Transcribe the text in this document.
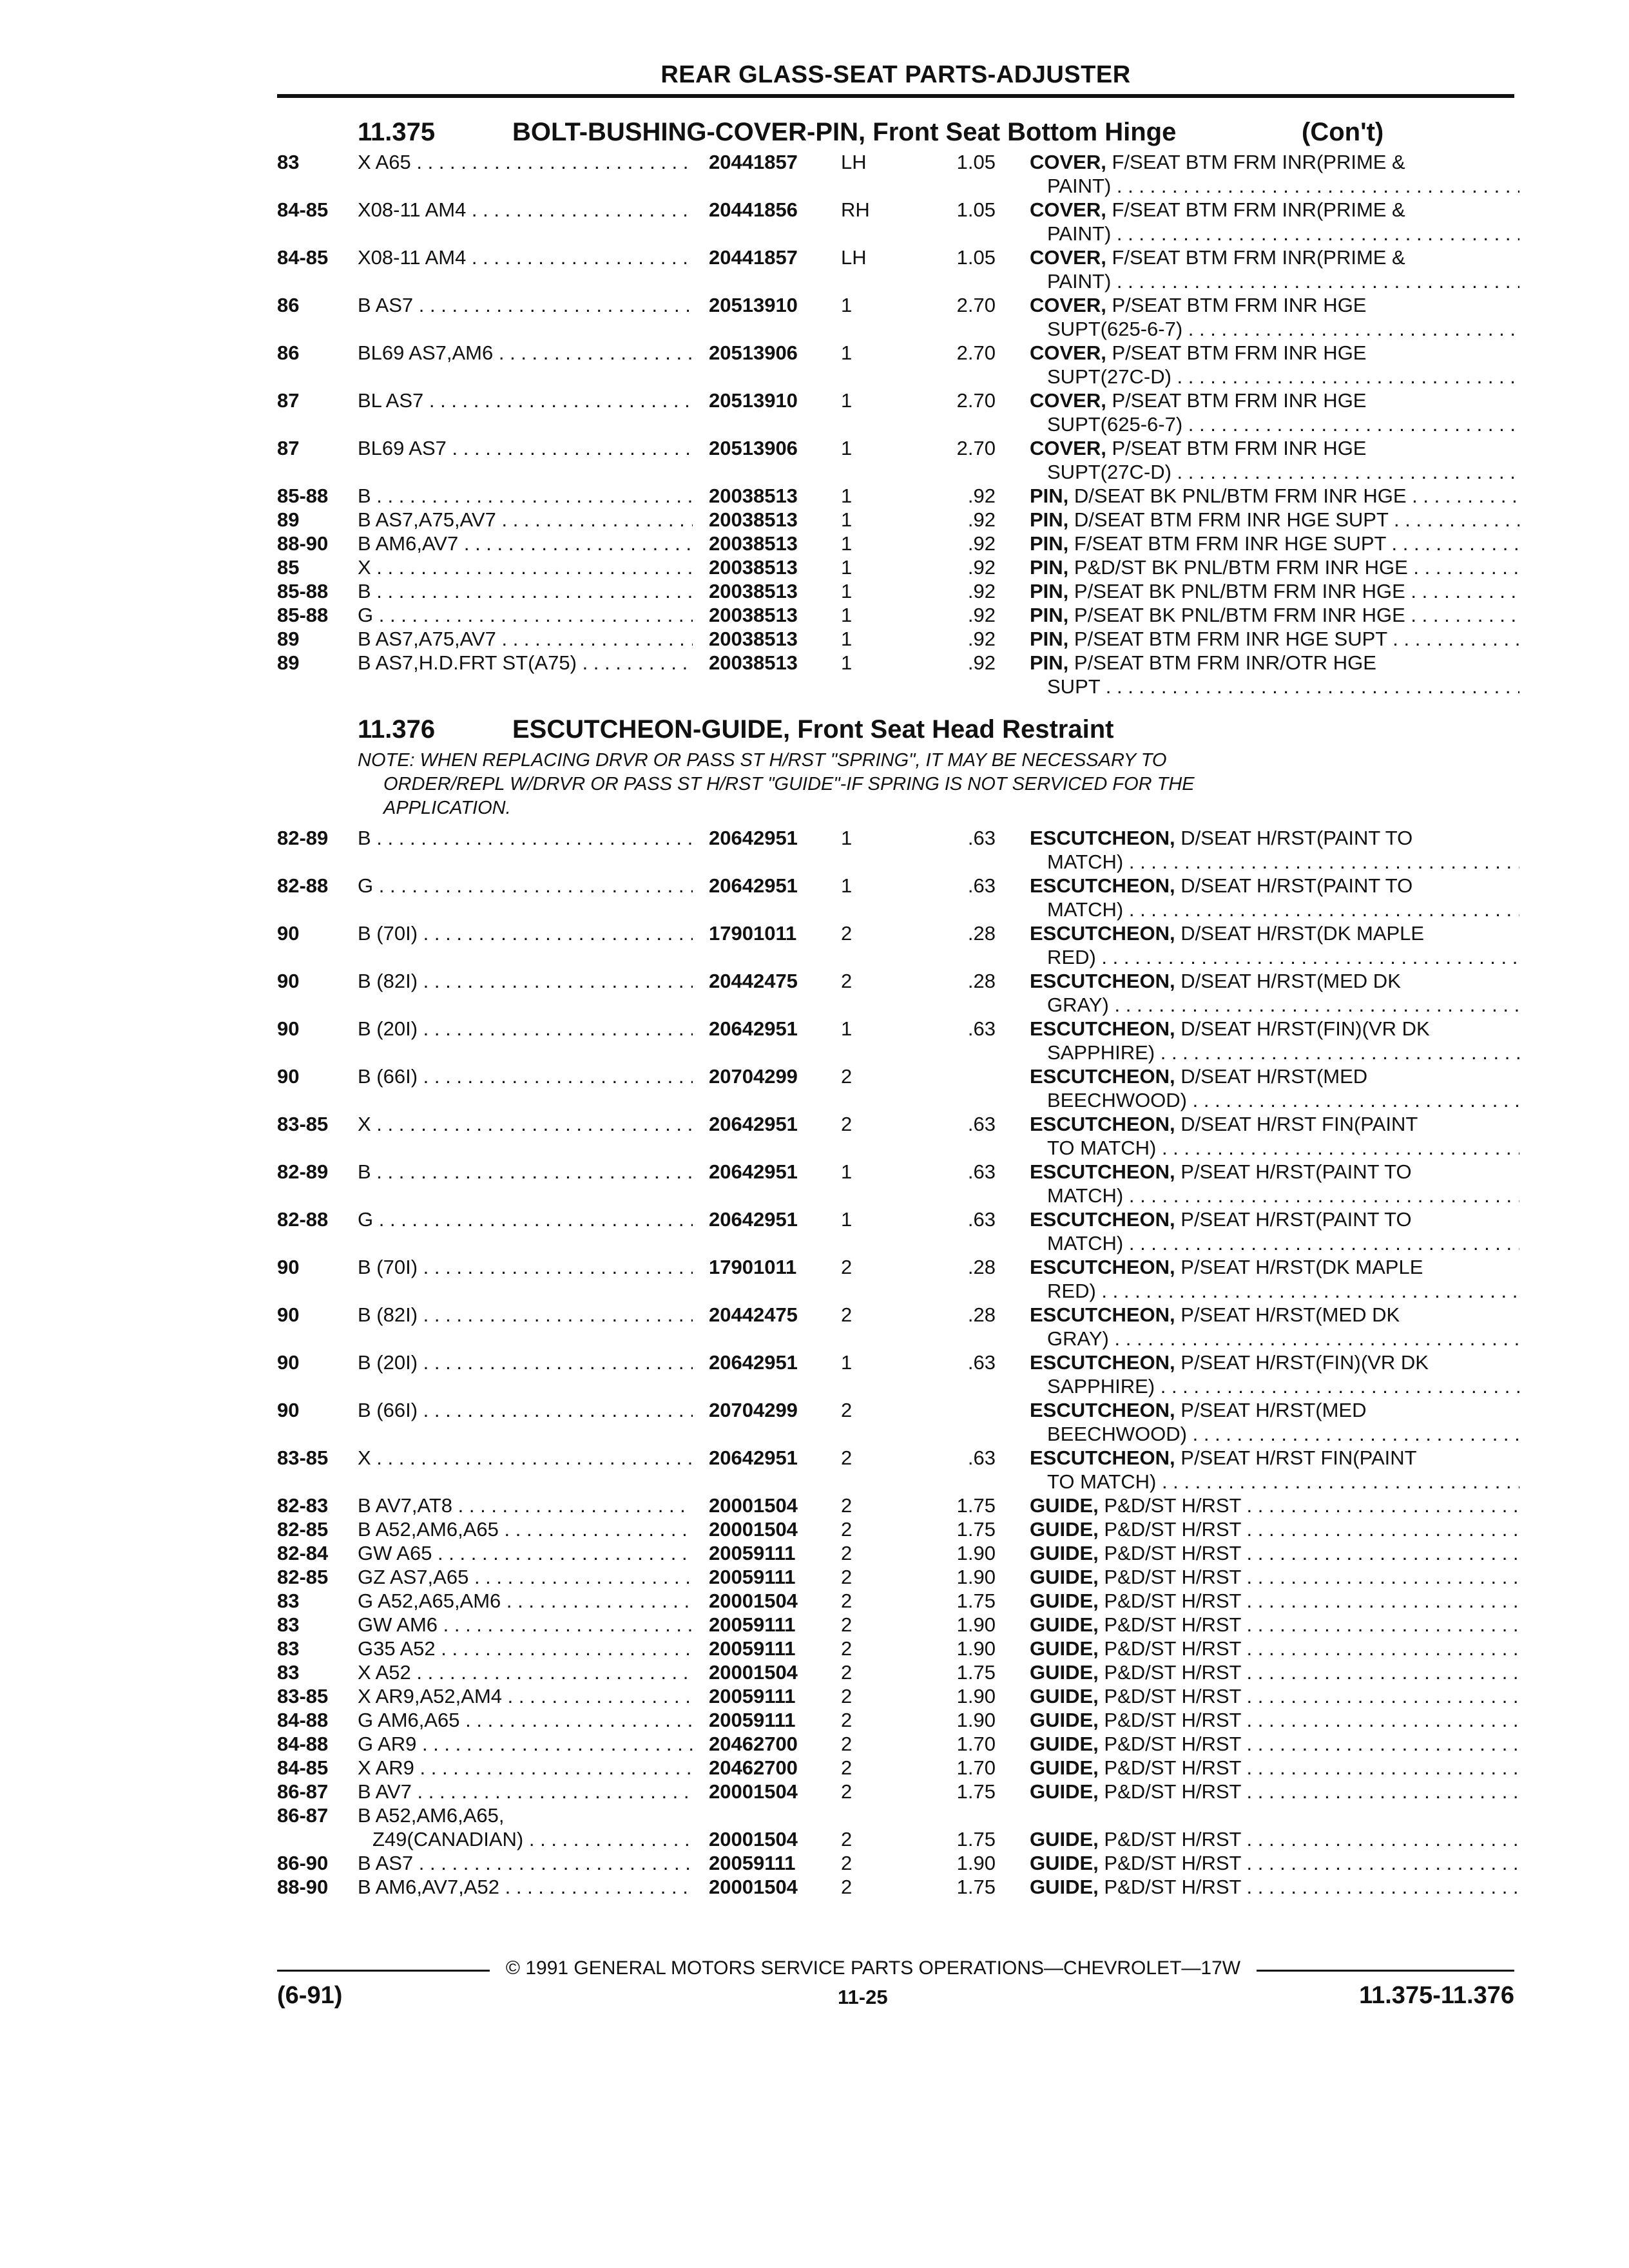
REAR GLASS-SEAT PARTS-ADJUSTER
11.375	BOLT-BUSHING-COVER-PIN, Front Seat Bottom Hinge	(Con't)
11.376	ESCUTCHEON-GUIDE, Front Seat Head Restraint
NOTE: WHEN REPLACING DRVR OR PASS ST H/RST "SPRING", IT MAY BE NECESSARY TO
ORDER/REPL W/DRVR OR PASS ST H/RST "GUIDE"-IF SPRING IS NOT SERVICED FOR THE
APPLICATION.
83	X A65 . . .	20441857 LH	1.05 COVER, F/SEAT BTM FRM INR(PRIME &
PAINT) . . .
84-85 X08-11 AM4 . . .	20441856 RH	1.05 COVER, F/SEAT BTM FRM INR(PRIME &
PAINT) . . .
84-85 X08-11 AM4 . . .	20441857 LH	1.05 COVER, F/SEAT BTM FRM INR(PRIME &
PAINT) . . .
86	B AS7 . . .	20513910 1	2.70 COVER, P/SEAT BTM FRM INR HGE
SUPT(625-6-7) . . .
86	BL69 AS7,AM6 . . .	20513906 1	2.70 COVER, P/SEAT BTM FRM INR HGE
SUPT(27C-D) . . .
87	BL AS7 . . .	20513910 1	2.70 COVER, P/SEAT BTM FRM INR HGE
SUPT(625-6-7) . . .
87	BL69 AS7 . . .	20513906 1	2.70 COVER, P/SEAT BTM FRM INR HGE
SUPT(27C-D) . . .
85-88 B . . .	20038513 1	.92 PIN, D/SEAT BK PNL/BTM FRM INR HGE . . .
89	B AS7,A75,AV7 . . .	20038513 1	.92 PIN, D/SEAT BTM FRM INR HGE SUPT . . .
88-90 B AM6,AV7 . . .	20038513 1	.92 PIN, F/SEAT BTM FRM INR HGE SUPT . . .
85	X . . .	20038513 1	.92 PIN, P&D/ST BK PNL/BTM FRM INR HGE . . .
85-88 B . . .	20038513 1	.92 PIN, P/SEAT BK PNL/BTM FRM INR HGE . . .
85-88 G . . .	20038513 1	.92 PIN, P/SEAT BK PNL/BTM FRM INR HGE . . .
89	B AS7,A75,AV7 . . .	20038513 1	.92 PIN, P/SEAT BTM FRM INR HGE SUPT . . .
89	B AS7,H.D.FRT ST(A75) . . .	20038513 1	.92 PIN, P/SEAT BTM FRM INR/OTR HGE
SUPT . . .
82-89 B . . .	20642951 1	.63 ESCUTCHEON, D/SEAT H/RST(PAINT TO
MATCH) . . .
82-88 G . . .	20642951 1	.63 ESCUTCHEON, D/SEAT H/RST(PAINT TO
MATCH) . . .
90	B (70I) . . .	17901011 2	.28 ESCUTCHEON, D/SEAT H/RST(DK MAPLE
RED) . . .
90	B (82I) . . .	20442475 2	.28 ESCUTCHEON, D/SEAT H/RST(MED DK
GRAY) . . .
90	B (20I) . . .	20642951 1	.63 ESCUTCHEON, D/SEAT H/RST(FIN)(VR DK
SAPPHIRE) . . .
90	B (66I) . . .	20704299 2	ESCUTCHEON, D/SEAT H/RST(MED
BEECHWOOD) . . .
83-85 X . . .	20642951 2	.63 ESCUTCHEON, D/SEAT H/RST FIN(PAINT
TO MATCH) . . .
82-89 B . . .	20642951 1	.63 ESCUTCHEON, P/SEAT H/RST(PAINT TO
MATCH) . . .
82-88 G . . .	20642951 1	.63 ESCUTCHEON, P/SEAT H/RST(PAINT TO
MATCH) . . .
90	B (70I) . . .	17901011 2	.28 ESCUTCHEON, P/SEAT H/RST(DK MAPLE
RED) . . .
90	B (82I) . . .	20442475 2	.28 ESCUTCHEON, P/SEAT H/RST(MED DK
GRAY) . . .
90	B (20I) . . .	20642951 1	.63 ESCUTCHEON, P/SEAT H/RST(FIN)(VR DK
SAPPHIRE) . . .
90	B (66I) . . .	20704299 2	ESCUTCHEON, P/SEAT H/RST(MED
BEECHWOOD) . . .
83-85 X . . .	20642951 2	.63 ESCUTCHEON, P/SEAT H/RST FIN(PAINT
TO MATCH) . . .
82-83 B AV7,AT8 . . .	20001504 2	1.75 GUIDE, P&D/ST H/RST . . .
82-85 B A52,AM6,A65 . . .	20001504 2	1.75 GUIDE, P&D/ST H/RST . . .
82-84 GW A65 . . .	20059111 2	1.90 GUIDE, P&D/ST H/RST . . .
82-85 GZ AS7,A65 . . .	20059111 2	1.90 GUIDE, P&D/ST H/RST . . .
83	G A52,A65,AM6 . . .	20001504 2	1.75 GUIDE, P&D/ST H/RST . . .
83	GW AM6 . . .	20059111 2	1.90 GUIDE, P&D/ST H/RST . . .
83	G35 A52 . . .	20059111 2	1.90 GUIDE, P&D/ST H/RST . . .
83	X A52 . . .	20001504 2	1.75 GUIDE, P&D/ST H/RST . . .
83-85 X AR9,A52,AM4 . . .	20059111 2	1.90 GUIDE, P&D/ST H/RST . . .
84-88 G AM6,A65 . . .	20059111 2	1.90 GUIDE, P&D/ST H/RST . . .
84-88 G AR9 . . .	20462700 2	1.70 GUIDE, P&D/ST H/RST . . .
84-85 X AR9 . . .	20462700 2	1.70 GUIDE, P&D/ST H/RST . . .
86-87 B AV7 . . .	20001504 2	1.75 GUIDE, P&D/ST H/RST . . .
86-87 B A52,AM6,A65,
Z49(CANADIAN) . . .	20001504 2	1.75 GUIDE, P&D/ST H/RST . . .
86-90 B AS7 . . .	20059111 2	1.90 GUIDE, P&D/ST H/RST . . .
88-90 B AM6,AV7,A52 . . .	20001504 2	1.75 GUIDE, P&D/ST H/RST . . .
© 1991 GENERAL MOTORS SERVICE PARTS OPERATIONS—CHEVROLET—17W
(6-91)	11-25	11.375-11.376
